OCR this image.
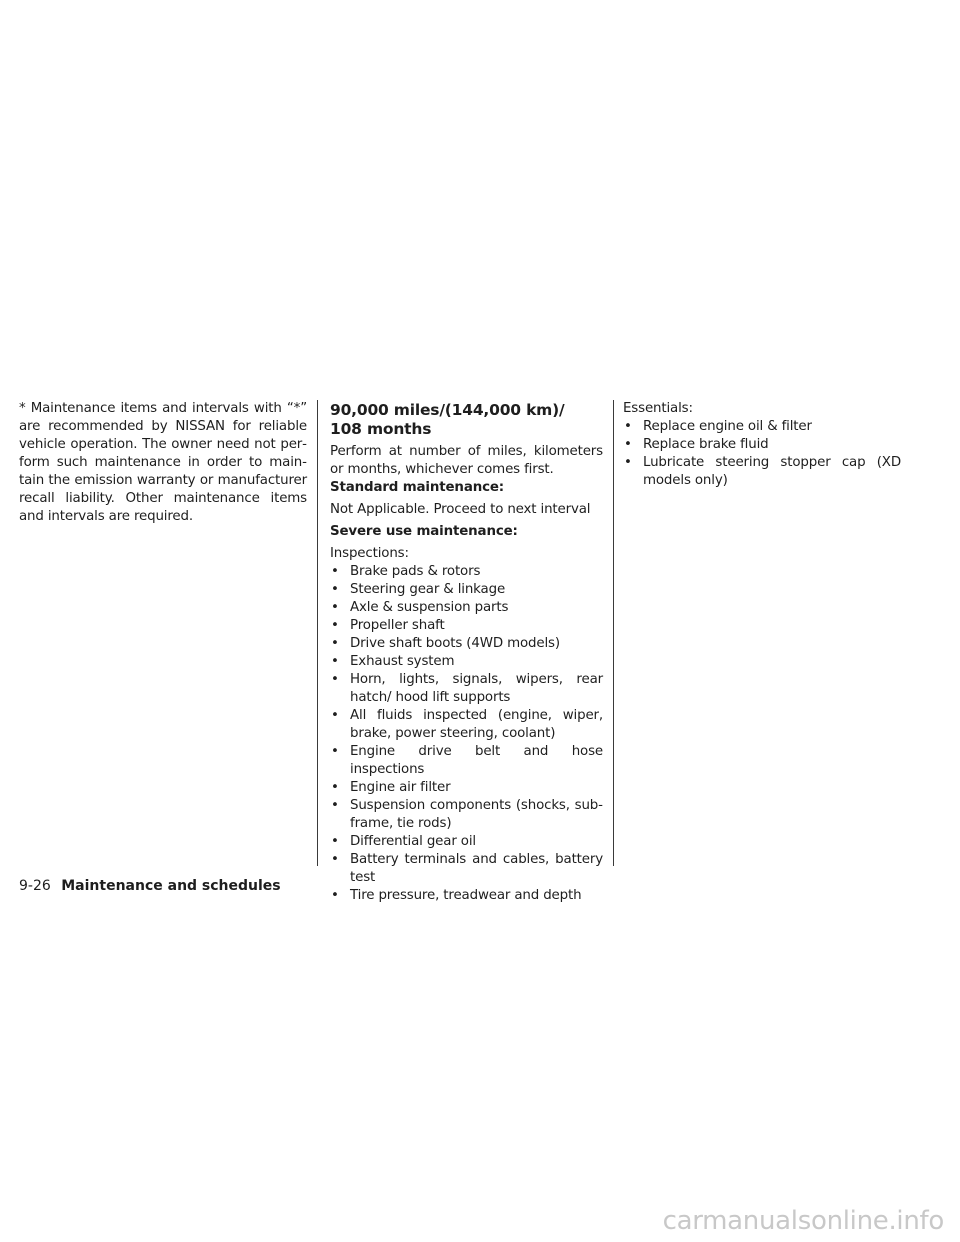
* Maintenance items and intervals with “*” are recommended by NISSAN for reliable vehicle operation. The owner need not perform such maintenance in order to maintain the emission warranty or manufacturer recall liability. Other maintenance items and intervals are required.

90,000 miles/(144,000 km)/
108 months

Perform at number of miles, kilometers or months, whichever comes first.

Standard maintenance:

Not Applicable. Proceed to next interval

Severe use maintenance:

Inspections:

• Brake pads & rotors
• Steering gear & linkage
• Axle & suspension parts
• Propeller shaft
• Drive shaft boots (4WD models)
• Exhaust system
• Horn, lights, signals, wipers, rear hatch/ hood lift supports
• All fluids inspected (engine, wiper, brake, power steering, coolant)
• Engine drive belt and hose inspections
• Engine air filter
• Suspension components (shocks, subframe, tie rods)
• Differential gear oil
• Battery terminals and cables, battery test
• Tire pressure, treadwear and depth

Essentials:

• Replace engine oil & filter
• Replace brake fluid
• Lubricate steering stopper cap (XD models only)
9-26 Maintenance and schedules
carmanualsonline.info
